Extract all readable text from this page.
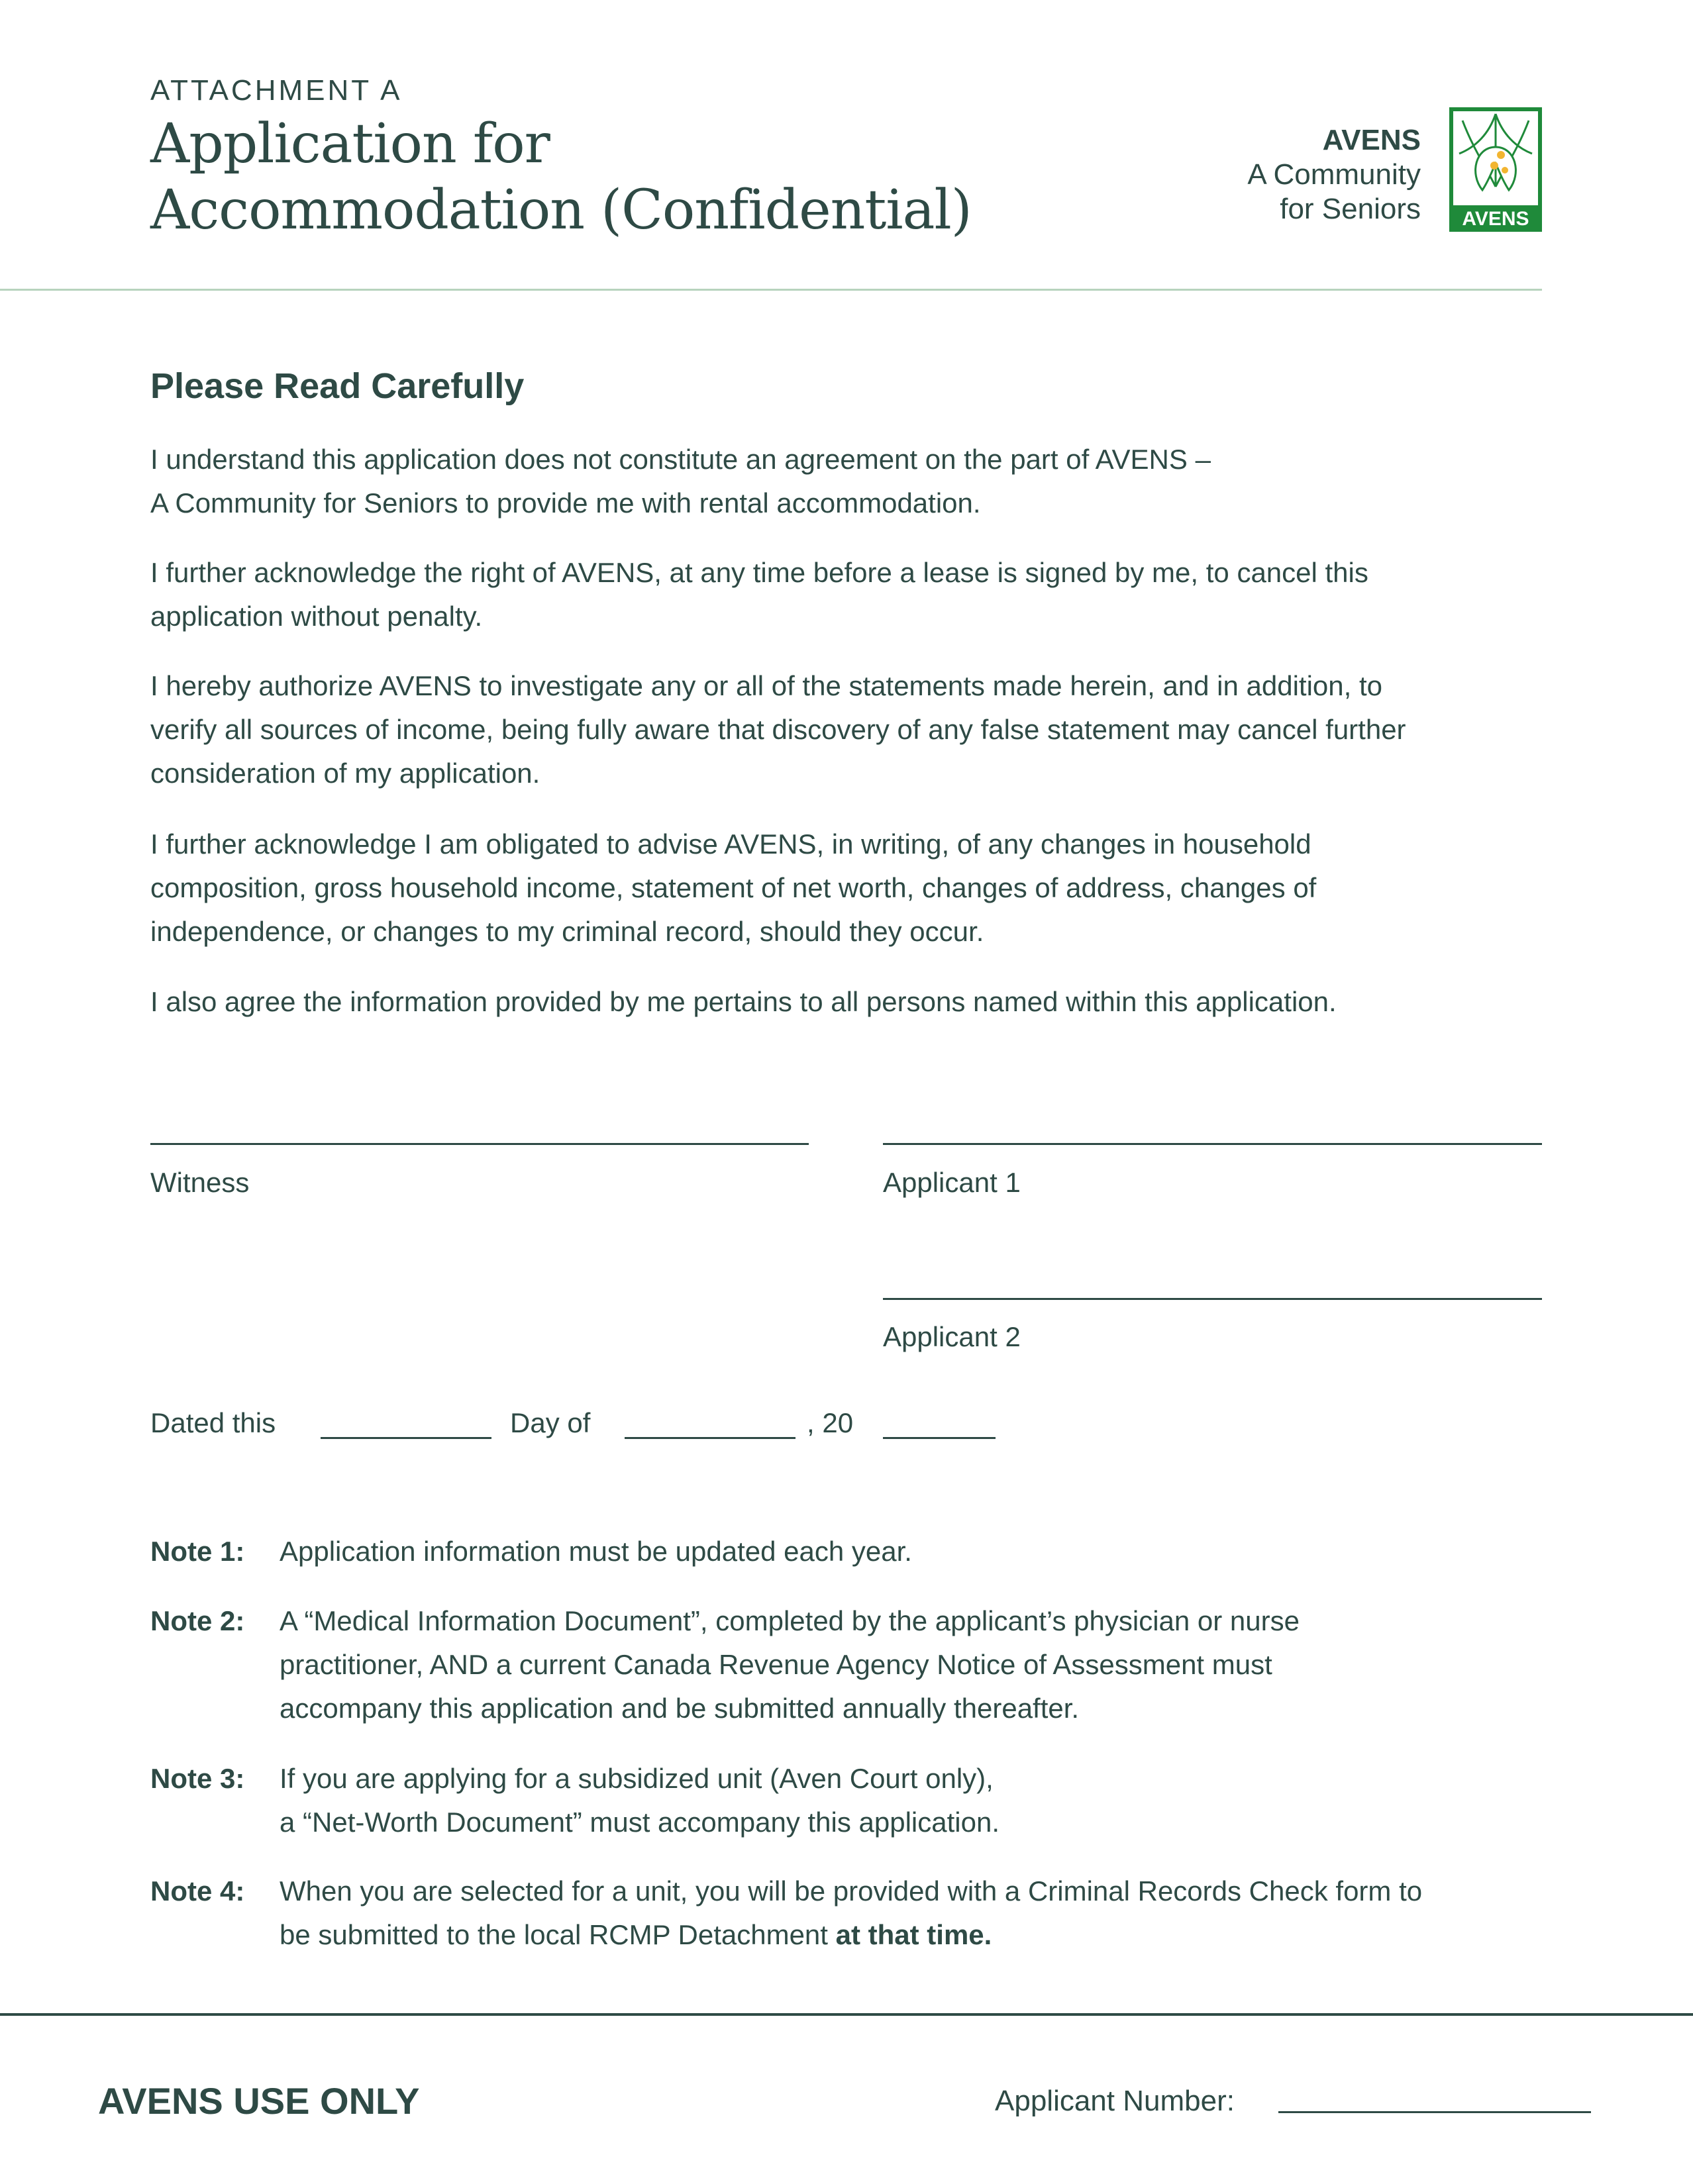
ATTACHMENT A
Application for
Accommodation (Confidential)
AVENS
A Community
for Seniors AVENS
Please Read Carefully
I understand this application does not constitute an agreement on the part of AVENS –
A Community for Seniors to provide me with rental accommodation.
I further acknowledge the right of AVENS, at any time before a lease is signed by me, to cancel this
application without penalty.
I hereby authorize AVENS to investigate any or all of the statements made herein, and in addition, to
verify all sources of income, being fully aware that discovery of any false statement may cancel further
consideration of my application.
I further acknowledge I am obligated to advise AVENS, in writing, of any changes in household
composition, gross household income, statement of net worth, changes of address, changes of
independence, or changes to my criminal record, should they occur.
I also agree the information provided by me pertains to all persons named within this application.
Witness	Applicant 1
Applicant 2
Dated this	Day of	, 20
Note 1: Application information must be updated each year.
Note 2: A “Medical Information Document”, completed by the applicant’s physician or nurse
practitioner, AND a current Canada Revenue Agency Notice of Assessment must
accompany this application and be submitted annually thereafter.
Note 3: If you are applying for a subsidized unit (Aven Court only),
a “Net-Worth Document” must accompany this application.
Note 4: When you are selected for a unit, you will be provided with a Criminal Records Check form to
be submitted to the local RCMP Detachment at that time.
AVENS USE ONLY	Applicant Number:
